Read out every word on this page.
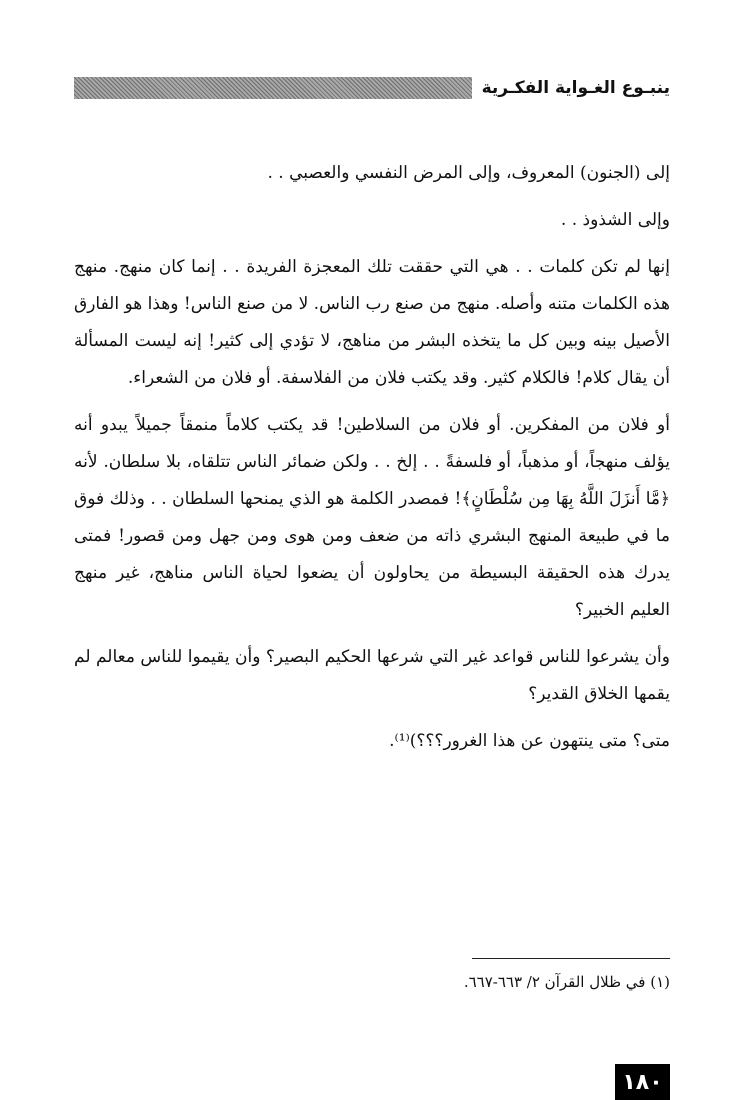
ينبـوع الغـواية الفكـرية

إلى (الجنون) المعروف، وإلى المرض النفسي والعصبي . .

وإلى الشذوذ . .

إنها لم تكن كلمات . . هي التي حققت تلك المعجزة الفريدة . . إنما كان منهج. منهج هذه الكلمات متنه وأصله. منهج من صنع رب الناس. لا من صنع الناس! وهذا هو الفارق الأصيل بينه وبين كل ما يتخذه البشر من مناهج، لا تؤدي إلى كثير! إنه ليست المسألة أن يقال كلام! فالكلام كثير. وقد يكتب فلان من الفلاسفة. أو فلان من الشعراء.

أو فلان من المفكرين. أو فلان من السلاطين! قد يكتب كلاماً منمقاً جميلاً يبدو أنه يؤلف منهجاً، أو مذهباً، أو فلسفةً . . إلخ . . ولكن ضمائر الناس تتلقاه، بلا سلطان. لأنه ﴿مَّا أَنزَلَ اللَّهُ بِهَا مِن سُلْطَانٍ﴾! فمصدر الكلمة هو الذي يمنحها السلطان . . وذلك فوق ما في طبيعة المنهج البشري ذاته من ضعف ومن هوى ومن جهل ومن قصور! فمتى يدرك هذه الحقيقة البسيطة من يحاولون أن يضعوا لحياة الناس مناهج، غير منهج العليم الخبير؟

وأن يشرعوا للناس قواعد غير التي شرعها الحكيم البصير؟ وأن يقيموا للناس معالم لم يقمها الخلاق القدير؟

متى؟ متى ينتهون عن هذا الغرور؟؟؟)⁽¹⁾.

(١) في ظلال القرآن ٢/ ٦٦٣-٦٦٧.
١٨٠
